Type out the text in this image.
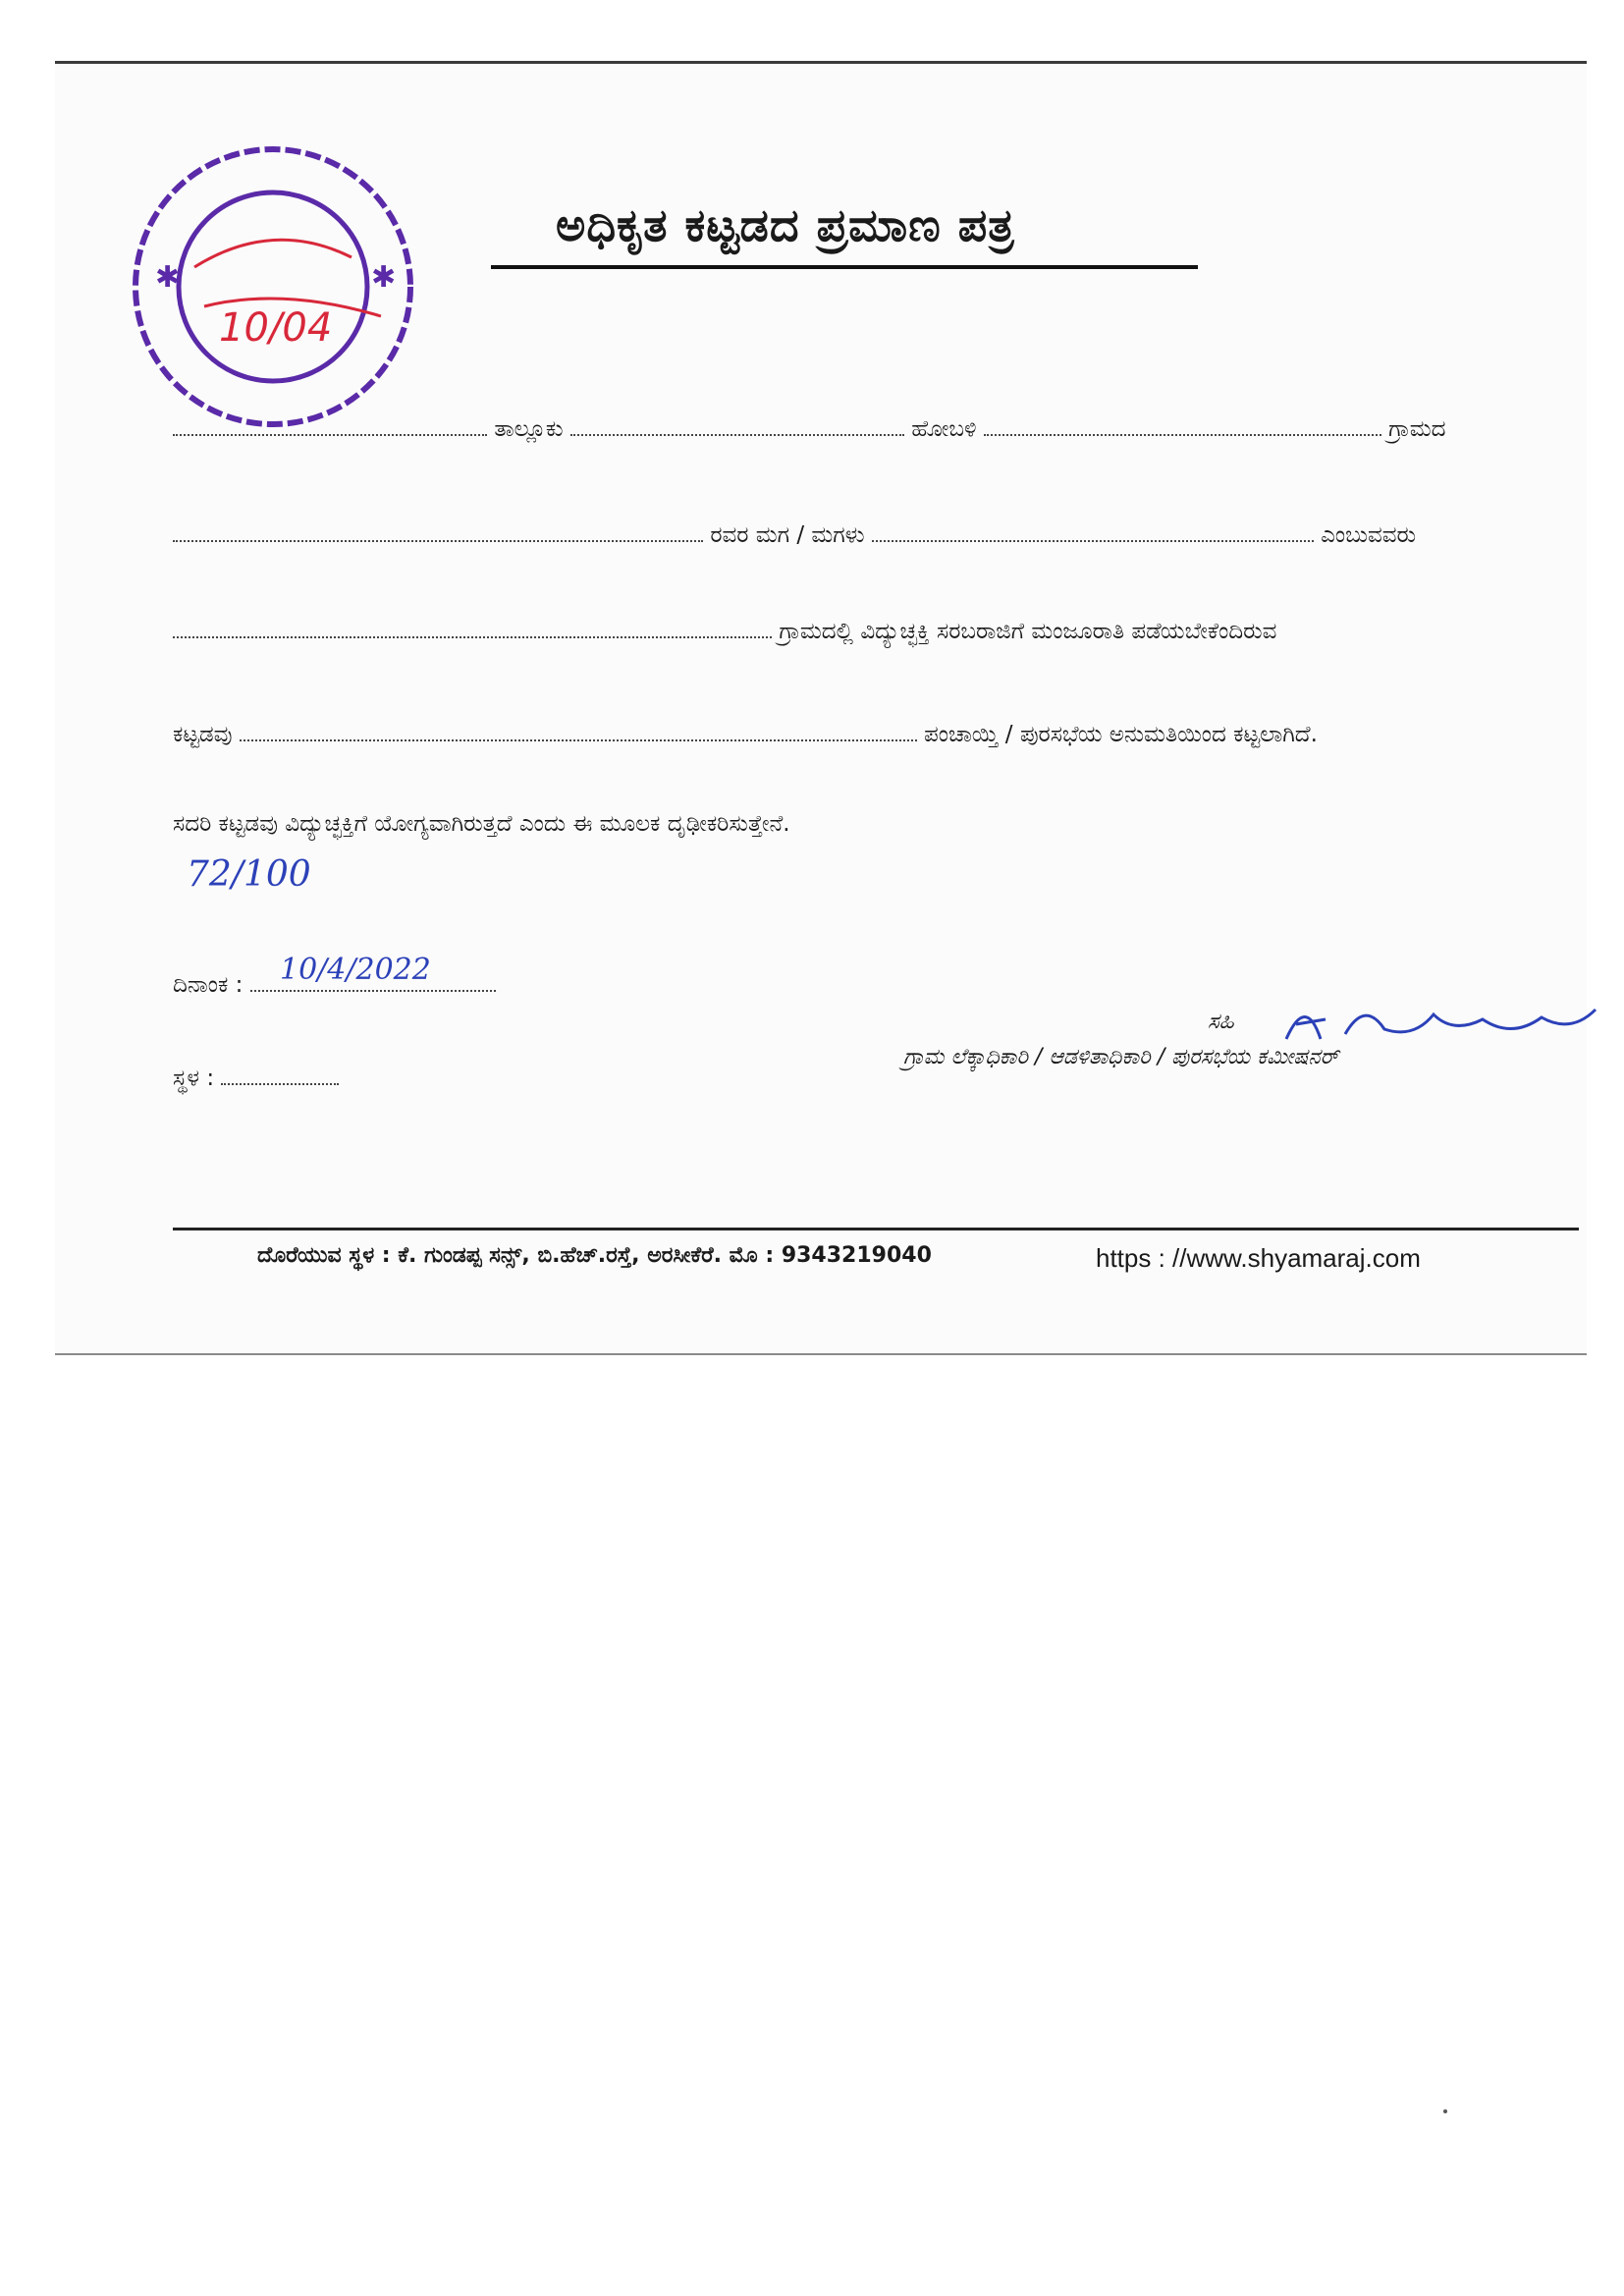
✱	✱
10/04
ಅಧಿಕೃತ ಕಟ್ಟಡದ ಪ್ರಮಾಣ ಪತ್ರ
ತಾಲ್ಲೂಕು	ಹೋಬಳಿ	ಗ್ರಾಮದ
ರವರ ಮಗ / ಮಗಳು	ಎಂಬುವವರು
ಗ್ರಾಮದಲ್ಲಿ ವಿದ್ಯುಚ್ಛಕ್ತಿ ಸರಬರಾಜಿಗೆ ಮಂಜೂರಾತಿ ಪಡೆಯಬೇಕೆಂದಿರುವ
ಕಟ್ಟಡವು	ಪಂಚಾಯ್ತಿ / ಪುರಸಭೆಯ ಅನುಮತಿಯಿಂದ ಕಟ್ಟಲಾಗಿದೆ.
ಸದರಿ ಕಟ್ಟಡವು ವಿದ್ಯುಚ್ಛಕ್ತಿಗೆ ಯೋಗ್ಯವಾಗಿರುತ್ತದೆ ಎಂದು ಈ ಮೂಲಕ ದೃಢೀಕರಿಸುತ್ತೇನೆ.
72/100
ದಿನಾಂಕ :	10/4/2022
ಸ್ಥಳ :
ಸಹಿ
ಗ್ರಾಮ ಲೆಕ್ಕಾಧಿಕಾರಿ / ಆಡಳಿತಾಧಿಕಾರಿ / ಪುರಸಭೆಯ ಕಮೀಷನರ್
ದೊರೆಯುವ ಸ್ಥಳ : ಕೆ. ಗುಂಡಪ್ಪ ಸನ್ಸ್, ಬಿ.ಹೆಚ್.ರಸ್ತೆ, ಅರಸೀಕೆರೆ. ಮೊ : 9343219040	https : //www.shyamaraj.com
